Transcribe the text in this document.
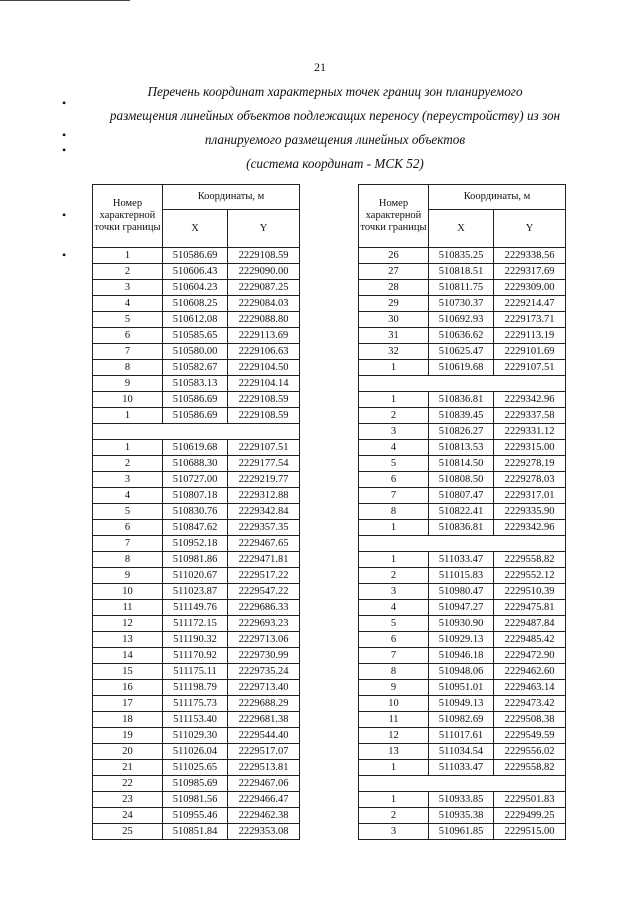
21
•
•
•
•
•
Перечень координат характерных точек границ зон планируемого
размещения линейных объектов подлежащих переносу (переустройству) из зон
планируемого размещения линейных объектов
(система координат - МСК 52)
Номер характерной точки границы	Координаты, м	
	X	Y
1	510586.69	2229108.59
2	510606.43	2229090.00
3	510604.23	2229087.25
4	510608.25	2229084.03
5	510612.08	2229088.80
6	510585.65	2229113.69
7	510580.00	2229106.63
8	510582.67	2229104.50
9	510583.13	2229104.14
10	510586.69	2229108.59
1	510586.69	2229108.59

1	510619.68	2229107.51
2	510688.30	2229177.54
3	510727.00	2229219.77
4	510807.18	2229312.88
5	510830.76	2229342.84
6	510847.62	2229357.35
7	510952.18	2229467.65
8	510981.86	2229471.81
9	511020.67	2229517.22
10	511023.87	2229547.22
11	511149.76	2229686.33
12	511172.15	2229693.23
13	511190.32	2229713.06
14	511170.92	2229730.99
15	511175.11	2229735.24
16	511198.79	2229713.40
17	511175.73	2229688.29
18	511153.40	2229681.38
19	511029.30	2229544.40
20	511026.04	2229517.07
21	511025.65	2229513.81
22	510985.69	2229467.06
23	510981.56	2229466.47
24	510955.46	2229462.38
25	510851.84	2229353.08
Номер характерной точки границы	Координаты, м	
	X	Y
26	510835.25	2229338.56
27	510818.51	2229317.69
28	510811.75	2229309.00
29	510730.37	2229214.47
30	510692.93	2229173.71
31	510636.62	2229113.19
32	510625.47	2229101.69
1	510619.68	2229107.51

1	510836.81	2229342.96
2	510839.45	2229337.58
3	510826.27	2229331.12
4	510813.53	2229315.00
5	510814.50	2229278.19
6	510808.50	2229278.03
7	510807.47	2229317.01
8	510822.41	2229335.90
1	510836.81	2229342.96

1	511033.47	2229558.82
2	511015.83	2229552.12
3	510980.47	2229510.39
4	510947.27	2229475.81
5	510930.90	2229487.84
6	510929.13	2229485.42
7	510946.18	2229472.90
8	510948.06	2229462.60
9	510951.01	2229463.14
10	510949.13	2229473.42
11	510982.69	2229508.38
12	511017.61	2229549.59
13	511034.54	2229556.02
1	511033.47	2229558.82

1	510933.85	2229501.83
2	510935.38	2229499.25
3	510961.85	2229515.00
